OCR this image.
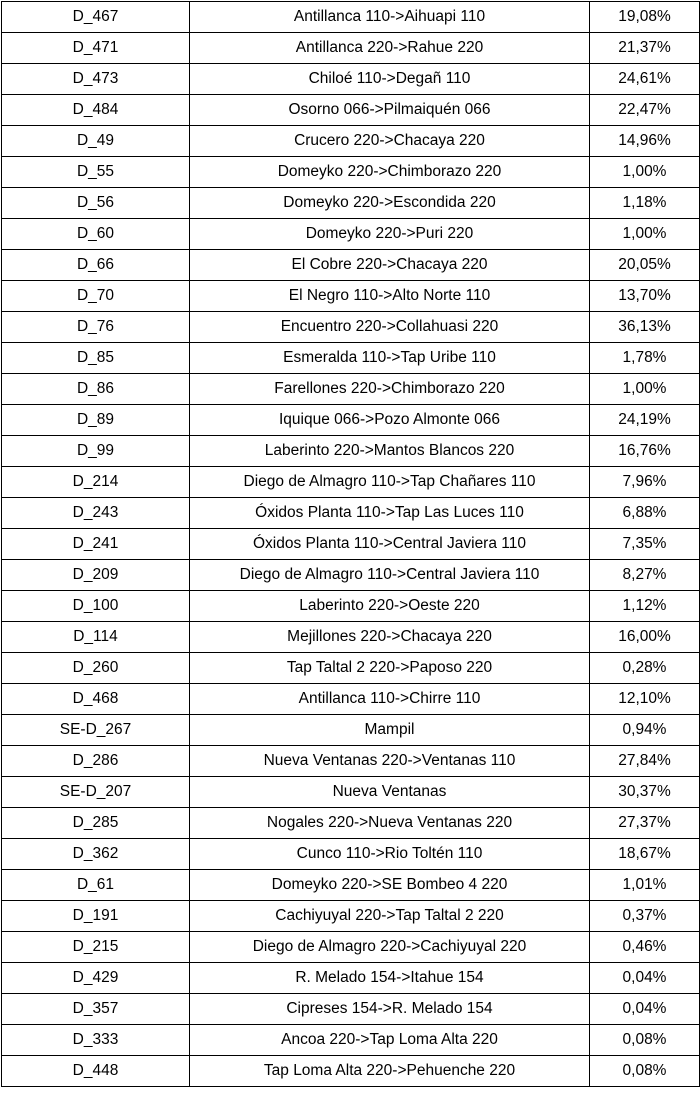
D_467	Antillanca 110->Aihuapi 110	19,08%
D_471	Antillanca 220->Rahue 220	21,37%
D_473	Chiloé 110->Degañ 110	24,61%
D_484	Osorno 066->Pilmaiquén 066	22,47%
D_49	Crucero 220->Chacaya 220	14,96%
D_55	Domeyko 220->Chimborazo 220	1,00%
D_56	Domeyko 220->Escondida 220	1,18%
D_60	Domeyko 220->Puri 220	1,00%
D_66	El Cobre 220->Chacaya 220	20,05%
D_70	El Negro 110->Alto Norte 110	13,70%
D_76	Encuentro 220->Collahuasi 220	36,13%
D_85	Esmeralda 110->Tap Uribe 110	1,78%
D_86	Farellones 220->Chimborazo 220	1,00%
D_89	Iquique 066->Pozo Almonte 066	24,19%
D_99	Laberinto 220->Mantos Blancos 220	16,76%
D_214	Diego de Almagro 110->Tap Chañares 110	7,96%
D_243	Óxidos Planta 110->Tap Las Luces 110	6,88%
D_241	Óxidos Planta 110->Central Javiera 110	7,35%
D_209	Diego de Almagro 110->Central Javiera 110	8,27%
D_100	Laberinto 220->Oeste 220	1,12%
D_114	Mejillones 220->Chacaya 220	16,00%
D_260	Tap Taltal 2 220->Paposo 220	0,28%
D_468	Antillanca 110->Chirre 110	12,10%
SE-D_267	Mampil	0,94%
D_286	Nueva Ventanas 220->Ventanas 110	27,84%
SE-D_207	Nueva Ventanas	30,37%
D_285	Nogales 220->Nueva Ventanas 220	27,37%
D_362	Cunco 110->Rio Toltén 110	18,67%
D_61	Domeyko 220->SE Bombeo 4 220	1,01%
D_191	Cachiyuyal 220->Tap Taltal 2 220	0,37%
D_215	Diego de Almagro 220->Cachiyuyal 220	0,46%
D_429	R. Melado 154->Itahue 154	0,04%
D_357	Cipreses 154->R. Melado 154	0,04%
D_333	Ancoa 220->Tap Loma Alta 220	0,08%
D_448	Tap Loma Alta 220->Pehuenche 220	0,08%
